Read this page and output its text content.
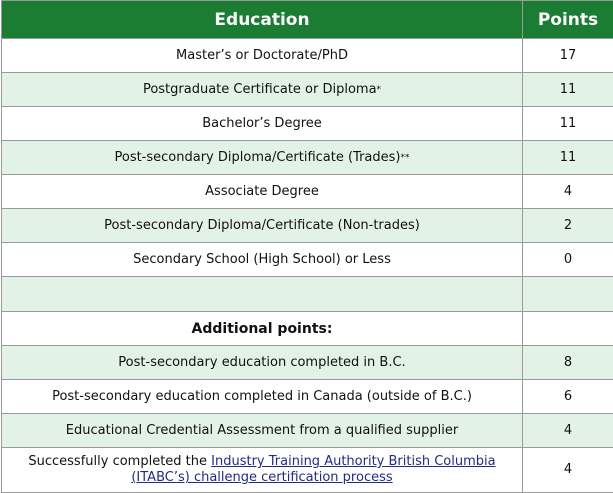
Education	Points
Master’s or Doctorate/PhD	17
Postgraduate Certificate or Diploma*	11
Bachelor’s Degree	11
Post-secondary Diploma/Certificate (Trades)**	11
Associate Degree	4
Post-secondary Diploma/Certificate (Non-trades)	2
Secondary School (High School) or Less	0

Additional points:	
Post-secondary education completed in B.C.	8
Post-secondary education completed in Canada (outside of B.C.)	6
Educational Credential Assessment from a qualified supplier	4
Successfully completed the Industry Training Authority British Columbia (ITABC’s) challenge certification process	4
